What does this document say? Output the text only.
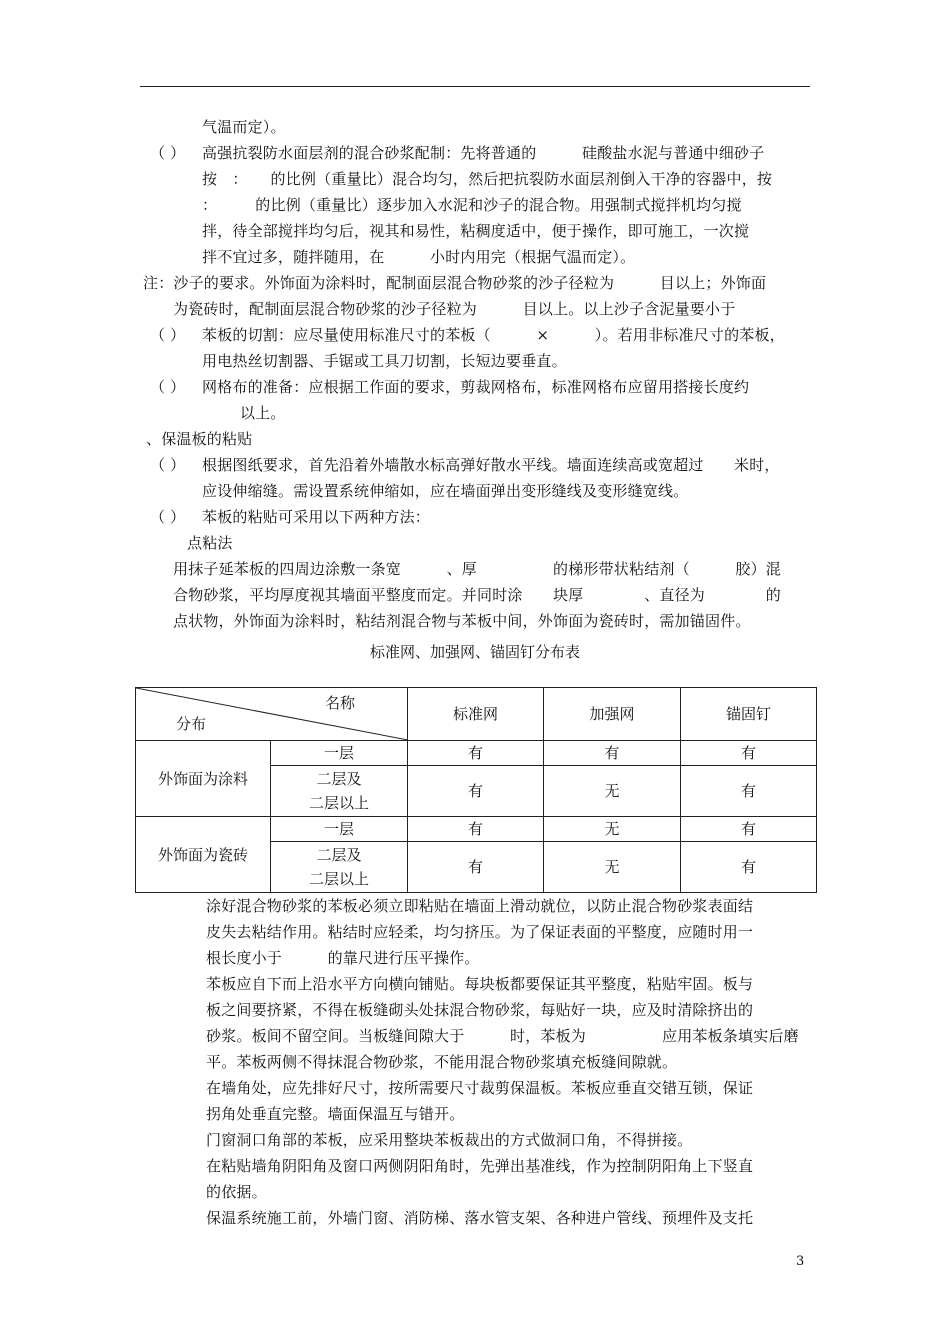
气温而定）。
（ ） 高强抗裂防水面层剂的混合砂浆配制：先将普通的　　　硅酸盐水泥与普通中细砂子
按　：　　的比例（重量比）混合均匀，然后把抗裂防水面层剂倒入干净的容器中，按
：　　　的比例（重量比）逐步加入水泥和沙子的混合物。用强制式搅拌机均匀搅
拌，待全部搅拌均匀后，视其和易性，粘稠度适中，便于操作，即可施工，一次搅
拌不宜过多，随拌随用，在　　　小时内用完（根据气温而定）。
注：沙子的要求。外饰面为涂料时，配制面层混合物砂浆的沙子径粒为　　　目以上；外饰面
为瓷砖时，配制面层混合物砂浆的沙子径粒为　　　目以上。以上沙子含泥量要小于
（ ） 苯板的切割：应尽量使用标准尺寸的苯板（　　　×　　　）。若用非标准尺寸的苯板，
用电热丝切割器、手锯或工具刀切割，长短边要垂直。
（ ） 网格布的准备：应根据工作面的要求，剪裁网格布，标准网格布应留用搭接长度约
以上。
、保温板的粘贴
（ ） 根据图纸要求，首先沿着外墙散水标高弹好散水平线。墙面连续高或宽超过　　米时，
应设伸缩缝。需设置系统伸缩如，应在墙面弹出变形缝线及变形缝宽线。
（ ） 苯板的粘贴可采用以下两种方法：
点粘法
用抹子延苯板的四周边涂敷一条宽　　　、厚　　　　　的梯形带状粘结剂（　　　胶）混
合物砂浆，平均厚度视其墙面平整度而定。并同时涂　　块厚　　　　、直径为　　　　的
点状物，外饰面为涂料时，粘结剂混合物与苯板中间，外饰面为瓷砖时，需加锚固件。
标准网、加强网、锚固钉分布表
名称
分布		标准网	加强网	锚固钉
外饰面为涂料	一层	有	有	有
	二层及
二层以上	有	无	有
外饰面为瓷砖	一层	有	无	有
	二层及
二层以上	有	无	有
涂好混合物砂浆的苯板必须立即粘贴在墙面上滑动就位，以防止混合物砂浆表面结
皮失去粘结作用。粘结时应轻柔，均匀挤压。为了保证表面的平整度，应随时用一
根长度小于　　　的靠尺进行压平操作。
苯板应自下而上沿水平方向横向铺贴。每块板都要保证其平整度，粘贴牢固。板与
板之间要挤紧，不得在板缝砌头处抹混合物砂浆，每贴好一块，应及时清除挤出的
砂浆。板间不留空间。当板缝间隙大于　　　时，苯板为　　　　　应用苯板条填实后磨
平。苯板两侧不得抹混合物砂浆，不能用混合物砂浆填充板缝间隙就。
在墙角处，应先排好尺寸，按所需要尺寸裁剪保温板。苯板应垂直交错互锁，保证
拐角处垂直完整。墙面保温互与错开。
门窗洞口角部的苯板，应采用整块苯板裁出的方式做洞口角，不得拼接。
在粘贴墙角阴阳角及窗口两侧阴阳角时，先弹出基准线，作为控制阴阳角上下竖直
的依据。
保温系统施工前，外墙门窗、消防梯、落水管支架、各种进户管线、预埋件及支托
3
